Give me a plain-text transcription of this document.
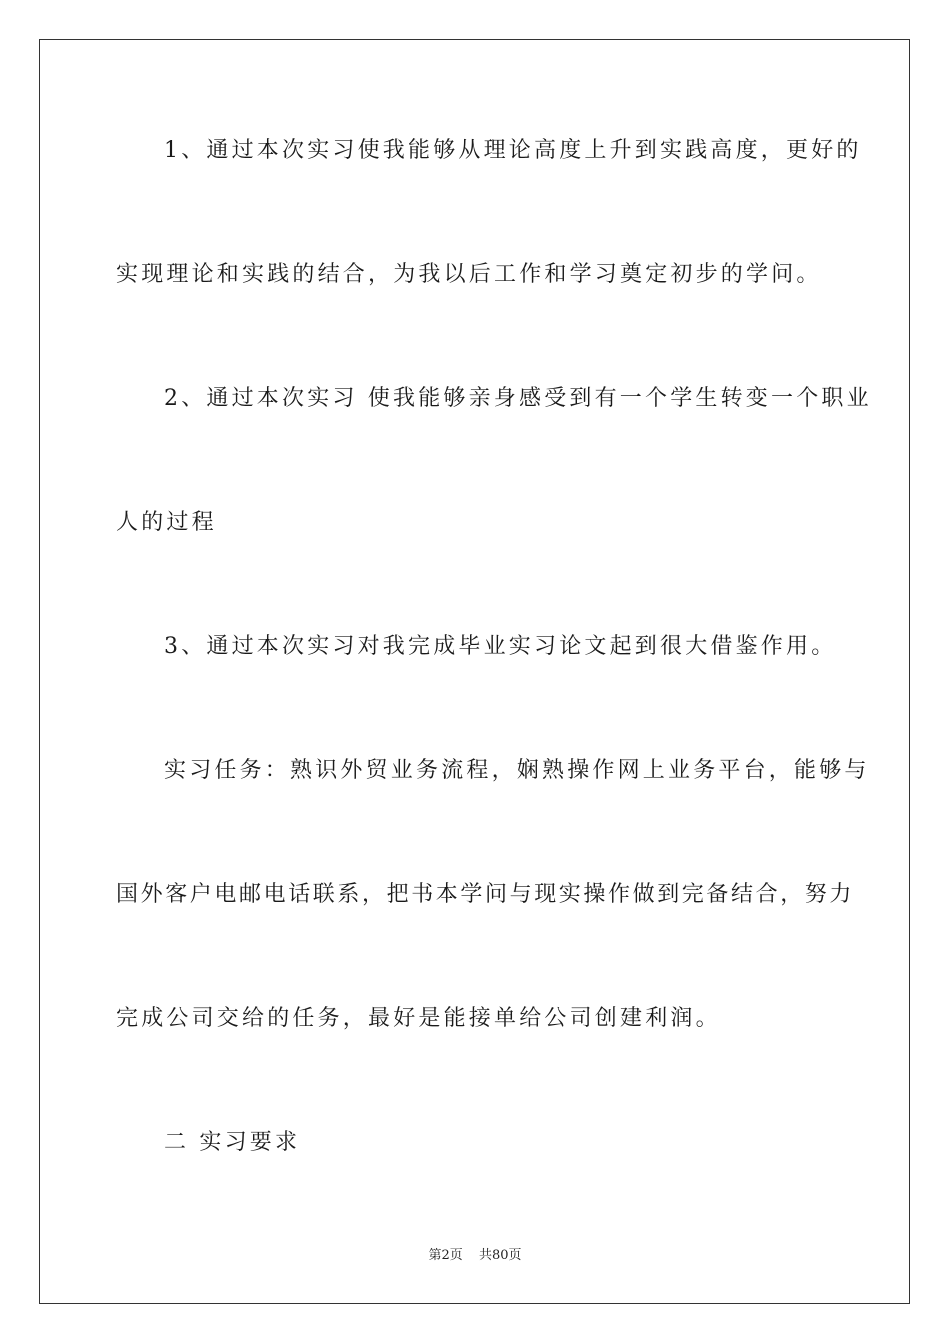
1、通过本次实习使我能够从理论高度上升到实践高度，更好的
实现理论和实践的结合，为我以后工作和学习奠定初步的学问。
2、通过本次实习 使我能够亲身感受到有一个学生转变一个职业
人的过程
3、通过本次实习对我完成毕业实习论文起到很大借鉴作用。
实习任务：熟识外贸业务流程，娴熟操作网上业务平台，能够与
国外客户电邮电话联系，把书本学问与现实操作做到完备结合，努力
完成公司交给的任务，最好是能接单给公司创建利润。
二 实习要求
第2页 共80页
